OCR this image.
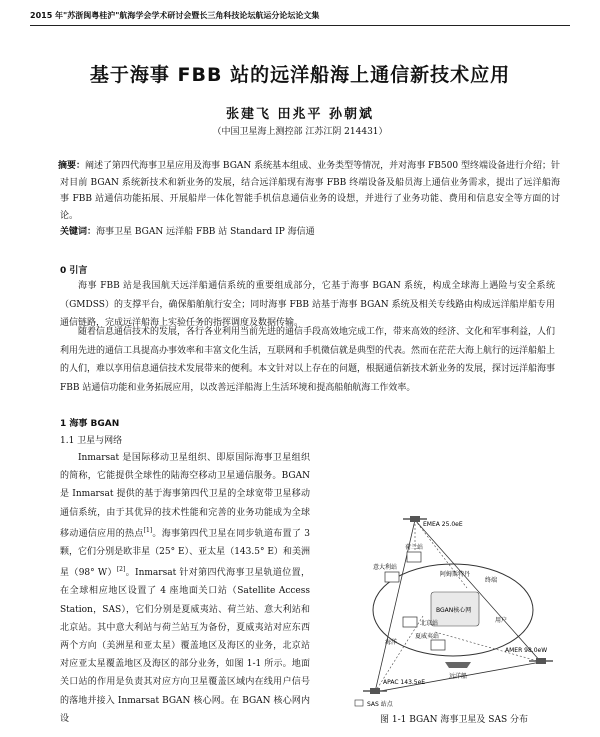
2015 年"苏浙闽粤桂沪"航海学会学术研讨会暨长三角科技论坛航运分论坛论文集
基于海事 FBB 站的远洋船海上通信新技术应用
张建飞 田兆平 孙朝斌
（中国卫星海上测控部 江苏江阴 214431）
摘要：阐述了第四代海事卫星应用及海事 BGAN 系统基本组成、业务类型等情况，并对海事 FB500 型终端设备进行介绍；针对目前 BGAN 系统新技术和新业务的发展，结合远洋船现有海事 FBB 终端设备及船员海上通信业务需求，提出了远洋船海事 FBB 站通信功能拓展、开展船岸一体化智能手机信息通信业务的设想，并进行了业务功能、费用和信息安全等方面的讨论。
关键词：海事卫星 BGAN 远洋船 FBB 站 Standard IP 海信通
0 引言
海事 FBB 站是我国航天远洋船通信系统的重要组成部分，它基于海事 BGAN 系统，构成全球海上遇险与安全系统（GMDSS）的支撑平台，确保船舶航行安全；同时海事 FBB 站基于海事 BGAN 系统及相关专线路由构成远洋船岸船专用通信链路，完成远洋船海上实验任务的指挥调度及数据传输。
随着信息通信技术的发展，各行各业利用当前先进的通信手段高效地完成工作，带来高效的经济、文化和军事利益，人们利用先进的通信工具提高办事效率和丰富文化生活，互联网和手机微信就是典型的代表。然而在茫茫大海上航行的远洋船船上的人们，难以享用信息通信技术发展带来的便利。本文针对以上存在的问题，根据通信新技术新业务的发展，探讨远洋船海事 FBB 站通信功能和业务拓展应用，以改善远洋船海上生活环境和提高船舶航海工作效率。
1 海事 BGAN
1.1 卫星与网络
Inmarsat 是国际移动卫星组织、即原国际海事卫星组织的简称，它能提供全球性的陆海空移动卫星通信服务。BGAN 是 Inmarsat 提供的基于海事第四代卫星的全球宽带卫星移动通信系统，由于其优异的技术性能和完善的业务功能成为全球移动通信应用的热点[1]。海事第四代卫星在同步轨道布置了 3 颗，它们分别是欧非星（25° E）、亚太星（143.5° E）和美洲星（98° W）[2]。Inmarsat 针对第四代海事卫星轨道位置，在全球相应地区设置了 4 座地面关口站（Satellite Access Station，SAS），它们分别是夏威夷站、荷兰站、意大利站和北京站。其中意大利站与荷兰站互为备份，夏威夷站对应东西两个方向（美洲星和亚太星）覆盖地区及海区的业务，北京站对应亚太星覆盖地区及海区的部分业务，如图 1-1 所示。地面关口站的作用是负责其对应方向卫星覆盖区域内在线用户信号的落地并接入 Inmarsat BGAN 核心网。在 BGAN 核心网内设
EMEA 25.0eE
AMER 98.0eW
APAC 143.5eE
BGAN核心网
荷兰站
意大利站
北京站
夏威夷站
阿姆斯特丹
终端
远洋船
海洋
用户
SAS 站点
图 1-1 BGAN 海事卫星及 SAS 分布
